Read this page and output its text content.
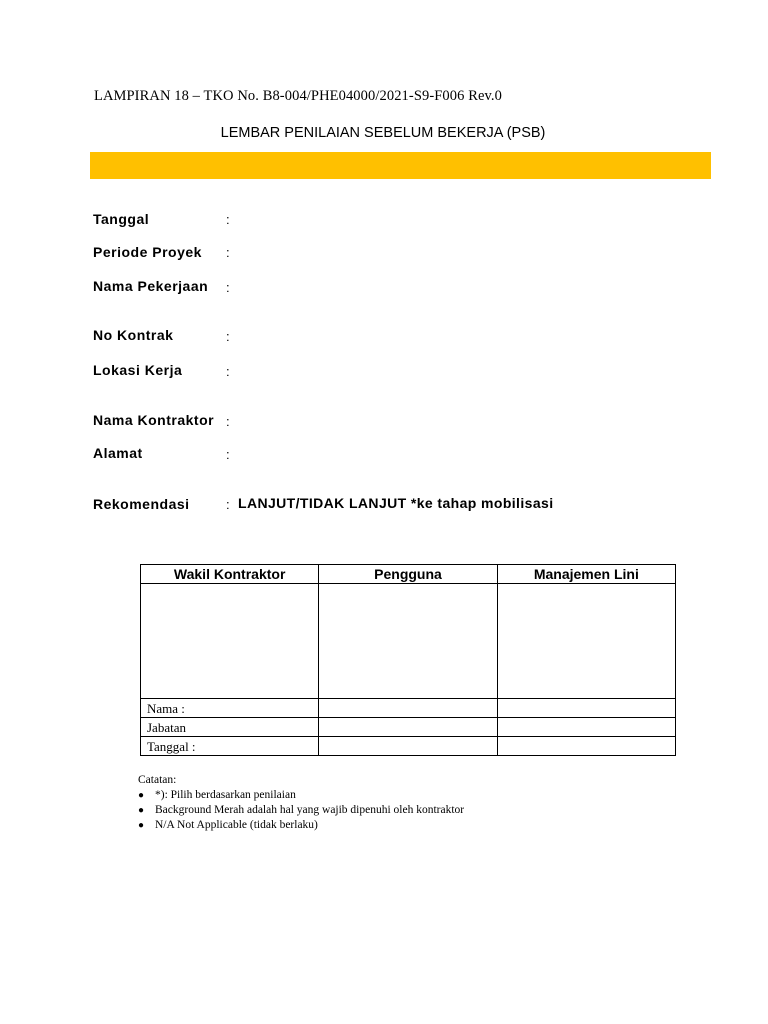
LAMPIRAN 18 – TKO No. B8-004/PHE04000/2021-S9-F006 Rev.0
LEMBAR PENILAIAN SEBELUM BEKERJA (PSB)
Tanggal	:
Periode Proyek :
Nama Pekerjaan :
No Kontrak	:
Lokasi Kerja	:
Nama Kontraktor :
Alamat	:
Rekomendasi	: LANJUT/TIDAK LANJUT *ke tahap mobilisasi
Wakil Kontraktor	Pengguna	Manajemen Lini

Nama :		
Jabatan		
Tanggal :		
Catatan:
● *): Pilih berdasarkan penilaian
● Background Merah adalah hal yang wajib dipenuhi oleh kontraktor
● N/A Not Applicable (tidak berlaku)
